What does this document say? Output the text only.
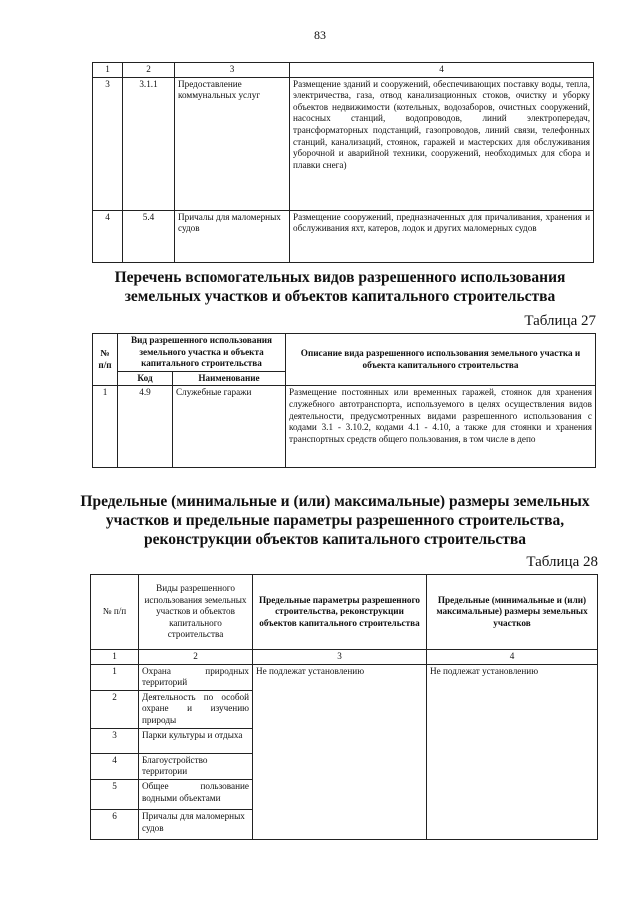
83
1	2	3	4
3	3.1.1	Предоставление коммунальных услуг	Размещение зданий и сооружений, обеспечивающих поставку воды, тепла, электричества, газа, отвод канализационных стоков, очистку и уборку объектов недвижимости (котельных, водозаборов, очистных сооружений, насосных станций, водопроводов, линий электропередач, трансформаторных подстанций, газопроводов, линий связи, телефонных станций, канализаций, стоянок, гаражей и мастерских для обслуживания уборочной и аварийной техники, сооружений, необходимых для сбора и плавки снега)
4	5.4	Причалы для маломерных судов	Размещение сооружений, предназначенных для причаливания, хранения и обслуживания яхт, катеров, лодок и других маломерных судов
Перечень вспомогательных видов разрешенного использования
земельных участков и объектов капитального строительства
Таблица 27
№ п/п	Вид разрешенного использования земельного участка и объекта капитального строительства		Описание вида разрешенного использования земельного участка и объекта капитального строительства
	Код	Наименование	
1	4.9	Служебные гаражи	Размещение постоянных или временных гаражей, стоянок для хранения служебного автотранспорта, используемого в целях осуществления видов деятельности, предусмотренных видами разрешенного использования с кодами 3.1 - 3.10.2, кодами 4.1 - 4.10, а также для стоянки и хранения транспортных средств общего пользования, в том числе в депо
Предельные (минимальные и (или) максимальные) размеры земельных
участков и предельные параметры разрешенного строительства,
реконструкции объектов капитального строительства
Таблица 28
№ п/п	Виды разрешенного использования земельных участков и объектов капитального строительства	Предельные параметры разрешенного строительства, реконструкции объектов капитального строительства	Предельные (минимальные и (или) максимальные) размеры земельных участков
1	2	3	4
1	Охрана природных территорий	Не подлежат установлению	Не подлежат установлению
2	Деятельность по особой охране и изучению природы		
3	Парки культуры и отдыха		
4	Благоустройство территории		
5	Общее пользование водными объектами		
6	Причалы для маломерных судов		
